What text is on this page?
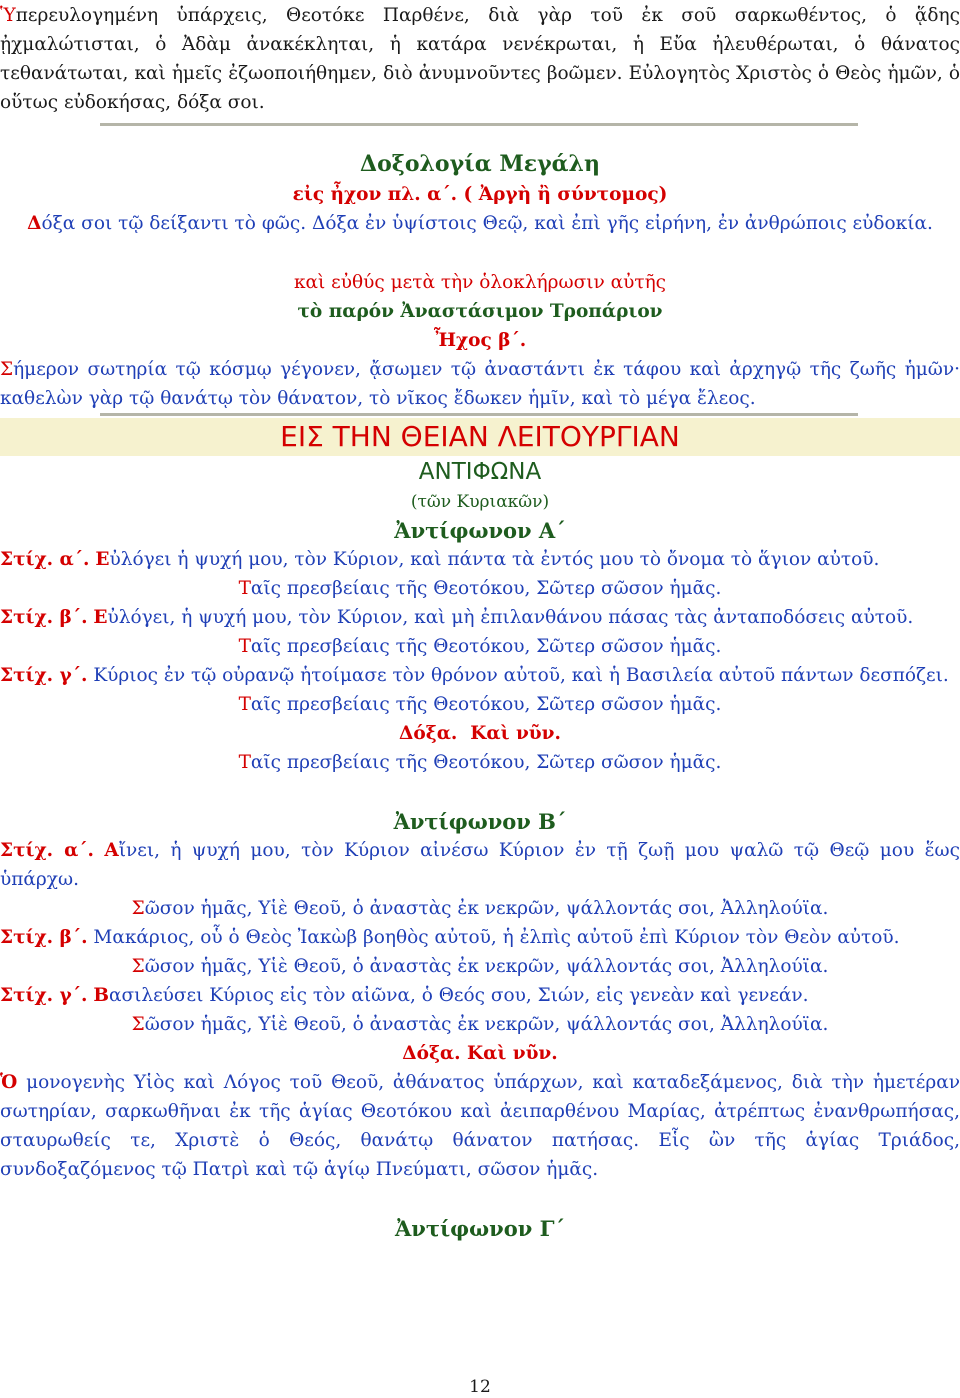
Ὑπερευλογημένη ὑπάρχεις, Θεοτόκε Παρθένε, διὰ γὰρ τοῦ ἐκ σοῦ σαρκωθέντος, ὁ ᾅδης ᾐχμαλώτισται, ὁ Ἀδὰμ ἀνακέκληται, ἡ κατάρα νενέκρωται, ἡ Εὔα ἠλευθέρωται, ὁ θάνατος τεθανάτωται, καὶ ἡμεῖς ἐζωοποιήθημεν, διὸ ἀνυμνοῦντες βοῶμεν. Εὐλογητὸς Χριστὸς ὁ Θεὸς ἡμῶν, ὁ οὕτως εὐδοκήσας, δόξα σοι.

Δοξολογία Μεγάλη

εἰς ἦχον πλ. α΄. ( Ἀργὴ ἢ σύντομος)

Δόξα σοι τῷ δείξαντι τὸ φῶς. Δόξα ἐν ὑψίστοις Θεῷ, καὶ ἐπὶ γῆς εἰρήνη, ἐν ἀνθρώποις εὐδοκία.

καὶ εὐθύς μετὰ τὴν ὁλοκλήρωσιν αὐτῆς

τὸ παρόν Ἀναστάσιμον Τροπάριον

Ἦχος β΄.

Σήμερον σωτηρία τῷ κόσμῳ γέγονεν, ᾄσωμεν τῷ ἀναστάντι ἐκ τάφου καὶ ἀρχηγῷ τῆς ζωῆς ἡμῶν· καθελὼν γὰρ τῷ θανάτῳ τὸν θάνατον, τὸ νῖκος ἔδωκεν ἡμῖν, καὶ τὸ μέγα ἔλεος.

ΕΙΣ ΤΗΝ ΘΕΙΑΝ ΛΕΙΤΟΥΡΓΙΑΝ

ΑΝΤΙΦΩΝΑ

(τῶν Κυριακῶν)

Ἀντίφωνον Α΄

Στίχ. α΄. Εὐλόγει ἡ ψυχή μου, τὸν Κύριον, καὶ πάντα τὰ ἐντός μου τὸ ὄνομα τὸ ἅγιον αὐτοῦ.

Ταῖς πρεσβείαις τῆς Θεοτόκου, Σῶτερ σῶσον ἡμᾶς.

Στίχ. β΄. Εὐλόγει, ἡ ψυχή μου, τὸν Κύριον, καὶ μὴ ἐπιλανθάνου πάσας τὰς ἀνταποδόσεις αὐτοῦ.

Ταῖς πρεσβείαις τῆς Θεοτόκου, Σῶτερ σῶσον ἡμᾶς.

Στίχ. γ΄. Κύριος ἐν τῷ οὐρανῷ ἡτοίμασε τὸν θρόνον αὐτοῦ, καὶ ἡ Βασιλεία αὐτοῦ πάντων δεσπόζει.

Ταῖς πρεσβείαις τῆς Θεοτόκου, Σῶτερ σῶσον ἡμᾶς.

Δόξα. Καὶ νῦν.

Ταῖς πρεσβείαις τῆς Θεοτόκου, Σῶτερ σῶσον ἡμᾶς.

Ἀντίφωνον Β΄

Στίχ. α΄. Αἴνει, ἡ ψυχή μου, τὸν Κύριον αἰνέσω Κύριον ἐν τῇ ζωῇ μου ψαλῶ τῷ Θεῷ μου ἕως ὑπάρχω.

Σῶσον ἡμᾶς, Υἱὲ Θεοῦ, ὁ ἀναστὰς ἐκ νεκρῶν, ψάλλοντάς σοι, Ἀλληλούϊα.

Στίχ. β΄. Μακάριος, οὗ ὁ Θεὸς Ἰακὼβ βοηθὸς αὐτοῦ, ἡ ἐλπὶς αὐτοῦ ἐπὶ Κύριον τὸν Θεὸν αὐτοῦ.

Σῶσον ἡμᾶς, Υἱὲ Θεοῦ, ὁ ἀναστὰς ἐκ νεκρῶν, ψάλλοντάς σοι, Ἀλληλούϊα.

Στίχ. γ΄. Βασιλεύσει Κύριος εἰς τὸν αἰῶνα, ὁ Θεός σου, Σιών, εἰς γενεὰν καὶ γενεάν.

Σῶσον ἡμᾶς, Υἱὲ Θεοῦ, ὁ ἀναστὰς ἐκ νεκρῶν, ψάλλοντάς σοι, Ἀλληλούϊα.

Δόξα. Καὶ νῦν.

Ὁ μονογενὴς Υἱὸς καὶ Λόγος τοῦ Θεοῦ, ἀθάνατος ὑπάρχων, καὶ καταδεξάμενος, διὰ τὴν ἡμετέραν σωτηρίαν, σαρκωθῆναι ἐκ τῆς ἁγίας Θεοτόκου καὶ ἀειπαρθένου Μαρίας, ἀτρέπτως ἐνανθρωπήσας, σταυρωθείς τε, Χριστὲ ὁ Θεός, θανάτῳ θάνατον πατήσας. Εἷς ὢν τῆς ἁγίας Τριάδος, συνδοξαζόμενος τῷ Πατρὶ καὶ τῷ ἁγίῳ Πνεύματι, σῶσον ἡμᾶς.

Ἀντίφωνον Γ΄

12
